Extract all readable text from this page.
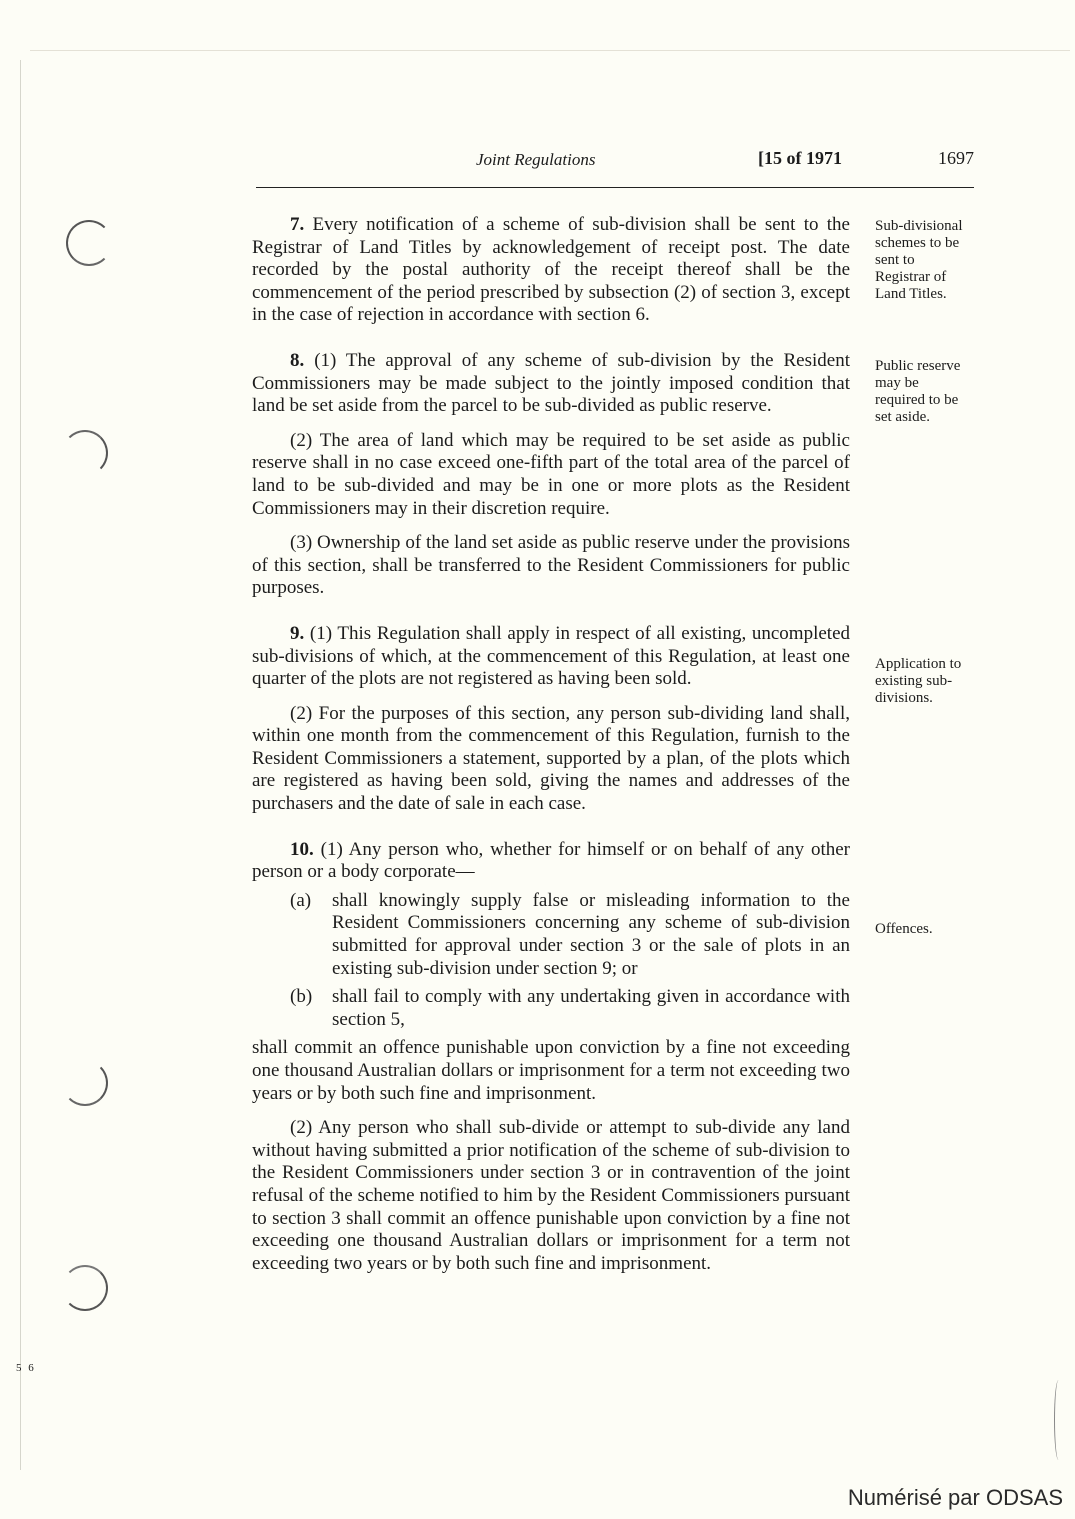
Joint Regulations	[15 of 1971	1697

7. Every notification of a scheme of sub-division shall be sent to the Registrar of Land Titles by acknowledgement of receipt post. The date recorded by the postal authority of the receipt thereof shall be the commencement of the period prescribed by subsection (2) of section 3, except in the case of rejection in accordance with section 6.

8. (1) The approval of any scheme of sub-division by the Resident Commissioners may be made subject to the jointly imposed condition that land be set aside from the parcel to be sub-divided as public reserve.

(2) The area of land which may be required to be set aside as public reserve shall in no case exceed one-fifth part of the total area of the parcel of land to be sub-divided and may be in one or more plots as the Resident Commissioners may in their discretion require.

(3) Ownership of the land set aside as public reserve under the provisions of this section, shall be transferred to the Resident Commissioners for public purposes.

9. (1) This Regulation shall apply in respect of all existing, uncompleted sub-divisions of which, at the commencement of this Regulation, at least one quarter of the plots are not registered as having been sold.

(2) For the purposes of this section, any person sub-dividing land shall, within one month from the commencement of this Regulation, furnish to the Resident Commissioners a statement, supported by a plan, of the plots which are registered as having been sold, giving the names and addresses of the purchasers and the date of sale in each case.

10. (1) Any person who, whether for himself or on behalf of any other person or a body corporate—

(a) shall knowingly supply false or misleading information to the Resident Commissioners concerning any scheme of sub-division submitted for approval under section 3 or the sale of plots in an existing sub-division under section 9; or
(b) shall fail to comply with any undertaking given in accordance with section 5,

shall commit an offence punishable upon conviction by a fine not exceeding one thousand Australian dollars or imprisonment for a term not exceeding two years or by both such fine and imprisonment.

(2) Any person who shall sub-divide or attempt to sub-divide any land without having submitted a prior notification of the scheme of sub-division to the Resident Commissioners under section 3 or in contravention of the joint refusal of the scheme notified to him by the Resident Commissioners pursuant to section 3 shall commit an offence punishable upon conviction by a fine not exceeding one thousand Australian dollars or imprisonment for a term not exceeding two years or by both such fine and imprisonment.

Sub-divisional schemes to be sent to Registrar of Land Titles.
Public reserve may be required to be set aside.
Application to existing sub-divisions.
Offences.
5 6
Numérisé par ODSAS
